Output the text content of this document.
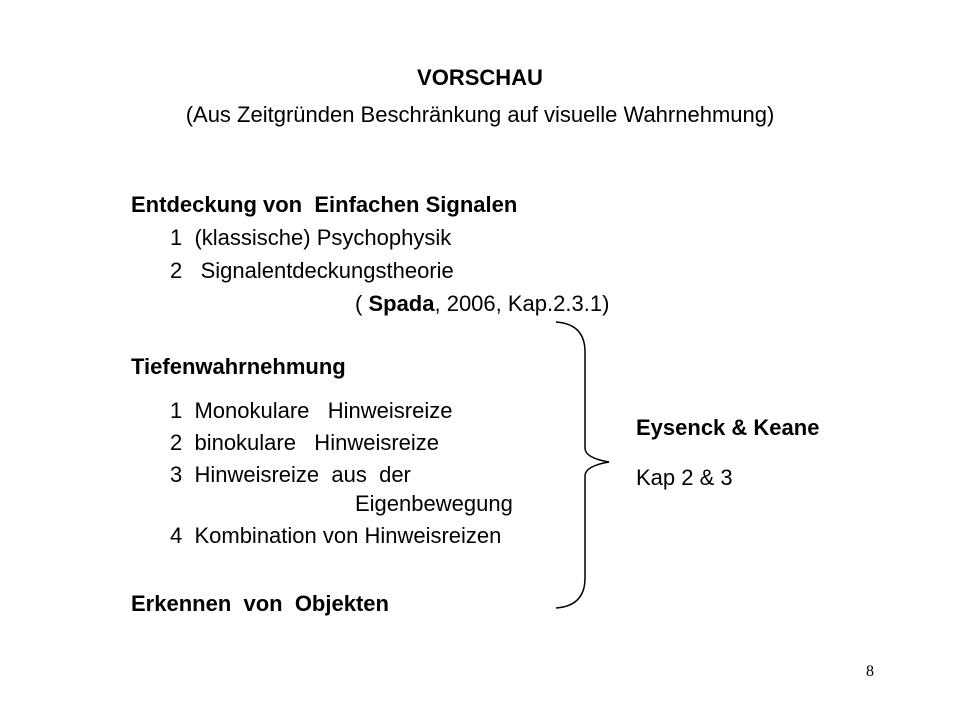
VORSCHAU
(Aus Zeitgründen Beschränkung auf visuelle Wahrnehmung)
Entdeckung von  Einfachen Signalen
1  (klassische) Psychophysik
2   Signalentdeckungstheorie
( Spada, 2006, Kap.2.3.1)
Tiefenwahrnehmung
1  Monokulare   Hinweisreize
2  binokulare   Hinweisreize
3  Hinweisreize  aus  der
Eigenbewegung
4  Kombination von Hinweisreizen
Erkennen  von  Objekten
Eysenck & Keane
Kap 2 & 3
8
